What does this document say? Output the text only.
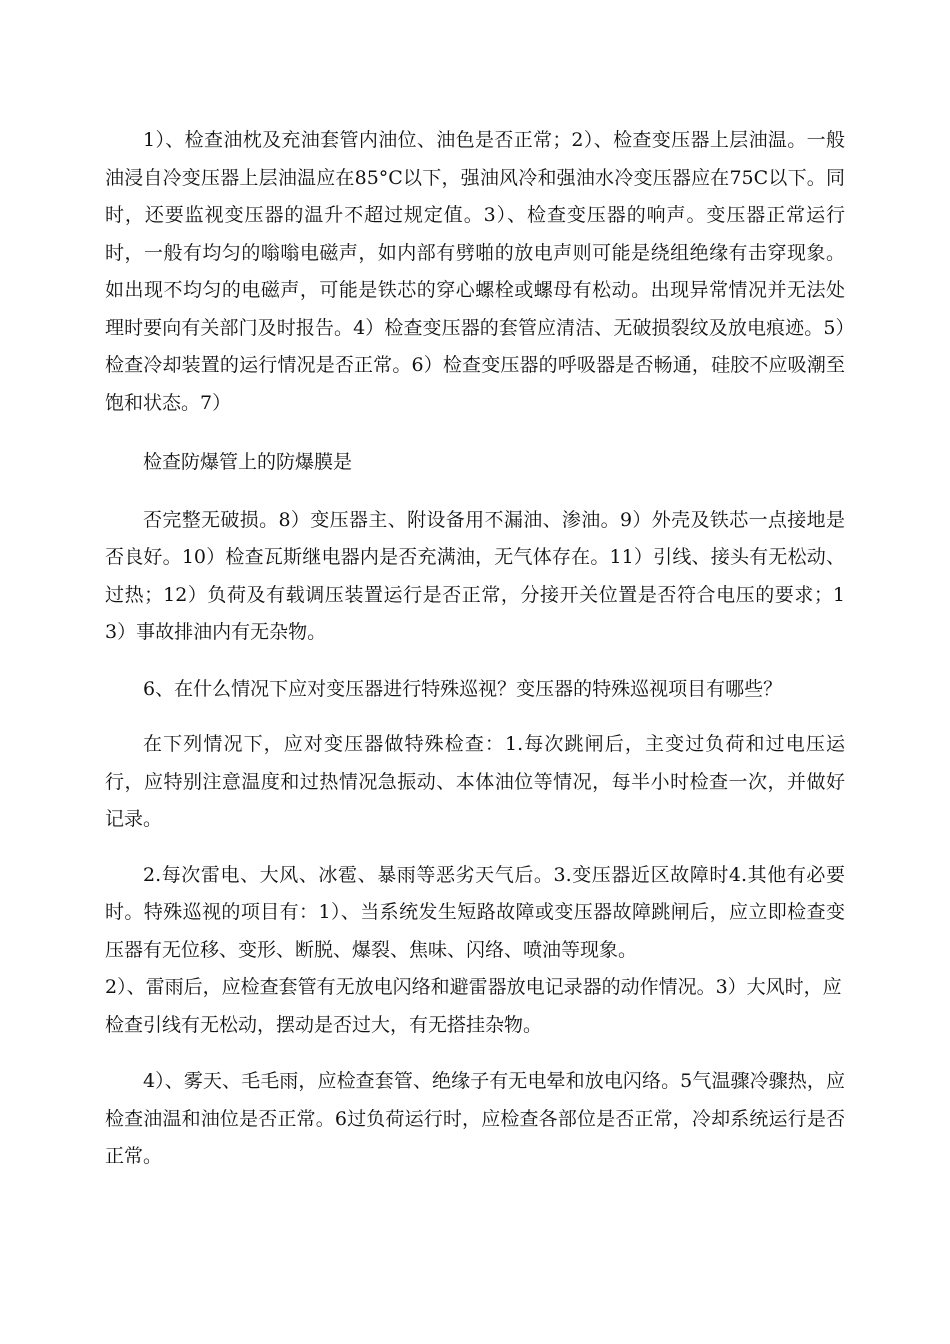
1）、检查油枕及充油套管内油位、油色是否正常；2）、检查变压器上层油温。一般油浸自冷变压器上层油温应在85°C以下，强油风冷和强油水冷变压器应在75C以下。同时，还要监视变压器的温升不超过规定值。3）、检查变压器的响声。变压器正常运行时，一般有均匀的嗡嗡电磁声，如内部有劈啪的放电声则可能是绕组绝缘有击穿现象。如出现不均匀的电磁声，可能是铁芯的穿心螺栓或螺母有松动。出现异常情况并无法处理时要向有关部门及时报告。4）检查变压器的套管应清洁、无破损裂纹及放电痕迹。5）检查冷却装置的运行情况是否正常。6）检查变压器的呼吸器是否畅通，硅胶不应吸潮至饱和状态。7）

检查防爆管上的防爆膜是

否完整无破损。8）变压器主、附设备用不漏油、渗油。9）外壳及铁芯一点接地是否良好。10）检查瓦斯继电器内是否充满油，无气体存在。11）引线、接头有无松动、过热；12）负荷及有载调压装置运行是否正常，分接开关位置是否符合电压的要求；13）事故排油内有无杂物。

6、在什么情况下应对变压器进行特殊巡视？变压器的特殊巡视项目有哪些？

在下列情况下，应对变压器做特殊检查：1.每次跳闸后，主变过负荷和过电压运行，应特别注意温度和过热情况急振动、本体油位等情况，每半小时检查一次，并做好记录。

2.每次雷电、大风、冰雹、暴雨等恶劣天气后。3.变压器近区故障时4.其他有必要时。特殊巡视的项目有：1）、当系统发生短路故障或变压器故障跳闸后，应立即检查变压器有无位移、变形、断脱、爆裂、焦味、闪络、喷油等现象。

2）、雷雨后，应检查套管有无放电闪络和避雷器放电记录器的动作情况。3）大风时，应检查引线有无松动，摆动是否过大，有无搭挂杂物。

4）、雾天、毛毛雨，应检查套管、绝缘子有无电晕和放电闪络。5气温骤冷骤热，应检查油温和油位是否正常。6过负荷运行时，应检查各部位是否正常，冷却系统运行是否正常。
